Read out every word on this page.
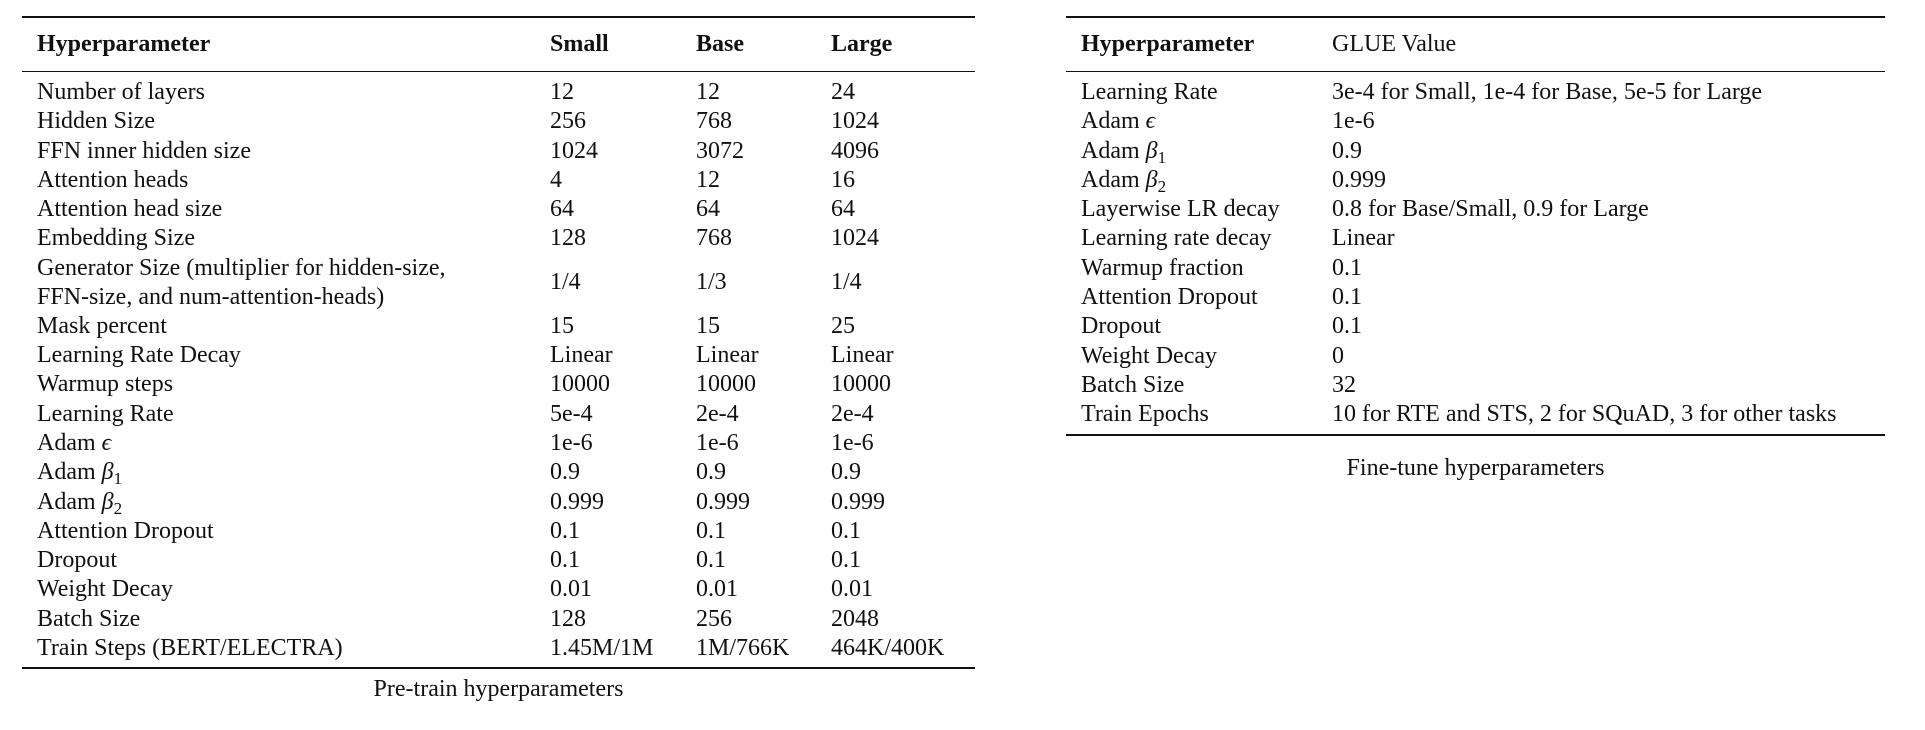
Hyperparameter	Small	Base	Large
Number of layers	12	12	24
Hidden Size	256	768	1024
FFN inner hidden size	1024	3072	4096
Attention heads	4	12	16
Attention head size	64	64	64
Embedding Size	128	768	1024
Generator Size (multiplier for hidden-size,
FFN-size, and num-attention-heads)	1/4	1/3	1/4
Mask percent	15	15	25
Learning Rate Decay	Linear	Linear	Linear
Warmup steps	10000	10000	10000
Learning Rate	5e-4	2e-4	2e-4
Adam ϵ	1e-6	1e-6	1e-6
Adam $\beta_1$	0.9	0.9	0.9
Adam $\beta_2$	0.999	0.999	0.999
Attention Dropout	0.1	0.1	0.1
Dropout	0.1	0.1	0.1
Weight Decay	0.01	0.01	0.01
Batch Size	128	256	2048
Train Steps (BERT/ELECTRA)	1.45M/1M	1M/766K	464K/400K
Pre-train hyperparameters
Hyperparameter	GLUE Value
Learning Rate	3e-4 for Small, 1e-4 for Base, 5e-5 for Large
Adam ϵ	1e-6
Adam $\beta_1$	0.9
Adam $\beta_2$	0.999
Layerwise LR decay	0.8 for Base/Small, 0.9 for Large
Learning rate decay	Linear
Warmup fraction	0.1
Attention Dropout	0.1
Dropout	0.1
Weight Decay	0
Batch Size	32
Train Epochs	10 for RTE and STS, 2 for SQuAD, 3 for other tasks
Fine-tune hyperparameters
